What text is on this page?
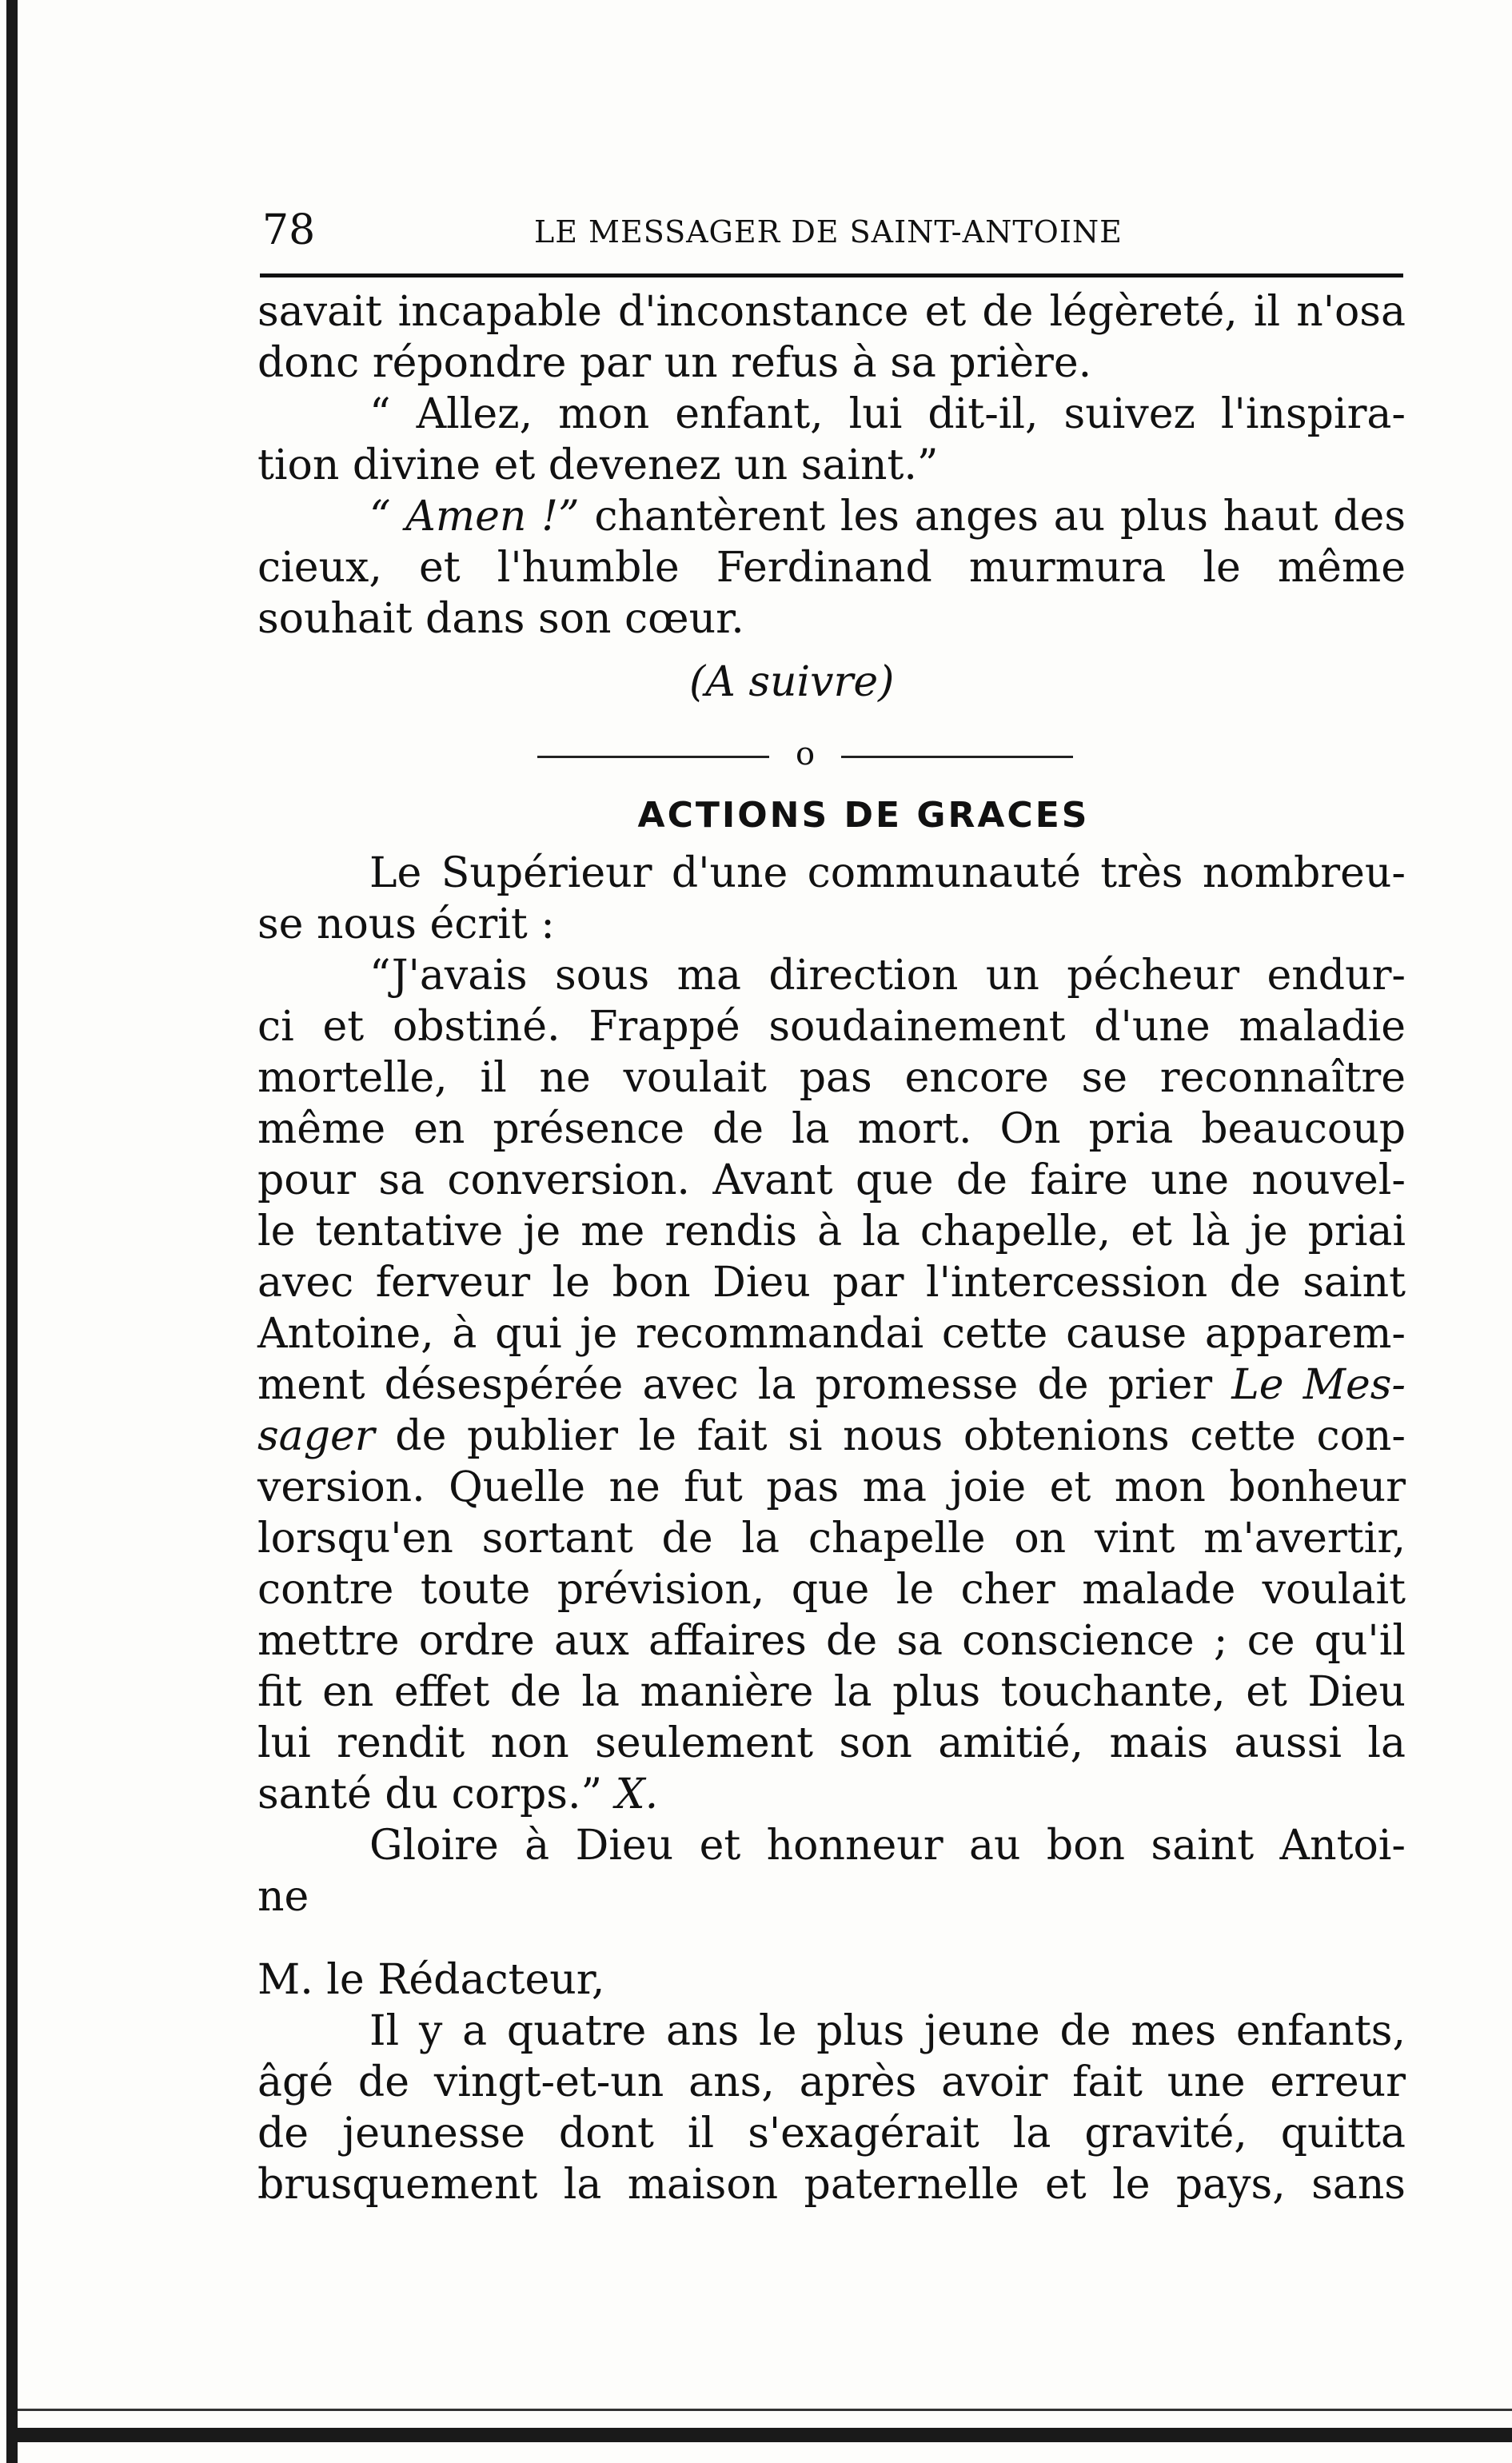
78	LE MESSAGER DE SAINT-ANTOINE
savait incapable d'inconstance et de légèreté, il n'osa
donc répondre par un refus à sa prière.
“ Allez, mon enfant, lui dit-il, suivez l'inspira-
tion divine et devenez un saint.”
“ Amen !” chantèrent les anges au plus haut des
cieux, et l'humble Ferdinand murmura le même
souhait dans son cœur.
(A suivre)
o
ACTIONS DE GRACES
Le Supérieur d'une communauté très nombreu-
se nous écrit :
“J'avais sous ma direction un pécheur endur-
ci et obstiné. Frappé soudainement d'une maladie
mortelle, il ne voulait pas encore se reconnaître
même en présence de la mort. On pria beaucoup
pour sa conversion. Avant que de faire une nouvel-
le tentative je me rendis à la chapelle, et là je priai
avec ferveur le bon Dieu par l'intercession de saint
Antoine, à qui je recommandai cette cause apparem-
ment désespérée avec la promesse de prier Le Mes-
sager de publier le fait si nous obtenions cette con-
version. Quelle ne fut pas ma joie et mon bonheur
lorsqu'en sortant de la chapelle on vint m'avertir,
contre toute prévision, que le cher malade voulait
mettre ordre aux affaires de sa conscience ; ce qu'il
fit en effet de la manière la plus touchante, et Dieu
lui rendit non seulement son amitié, mais aussi la
santé du corps.” X.
Gloire à Dieu et honneur au bon saint Antoi-
ne
M. le Rédacteur,
Il y a quatre ans le plus jeune de mes enfants,
âgé de vingt-et-un ans, après avoir fait une erreur
de jeunesse dont il s'exagérait la gravité, quitta
brusquement la maison paternelle et le pays, sans
